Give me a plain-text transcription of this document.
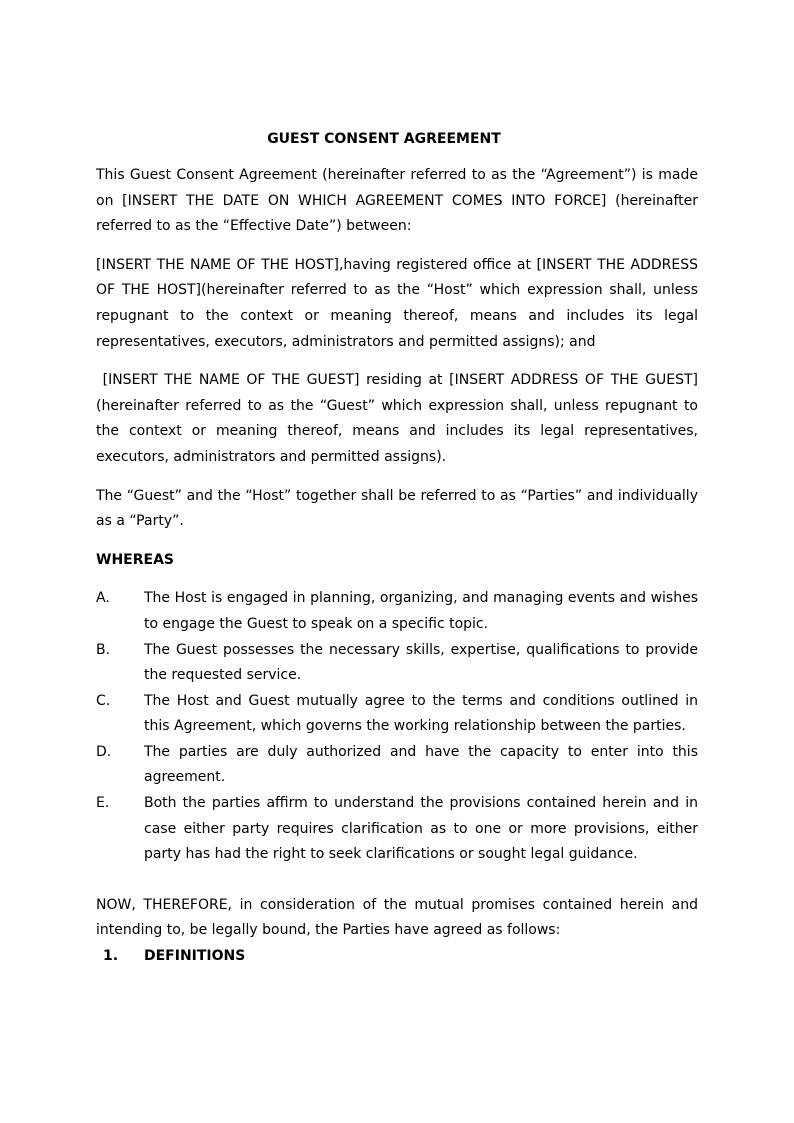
GUEST CONSENT AGREEMENT
This Guest Consent Agreement (hereinafter referred to as the “Agreement”) is made on [INSERT THE DATE ON WHICH AGREEMENT COMES INTO FORCE] (hereinafter referred to as the “Effective Date”) between:
[INSERT THE NAME OF THE HOST],having registered office at [INSERT THE ADDRESS OF THE HOST](hereinafter referred to as the “Host” which expression shall, unless repugnant to the context or meaning thereof, means and includes its legal representatives, executors, administrators and permitted assigns); and
[INSERT THE NAME OF THE GUEST] residing at [INSERT ADDRESS OF THE GUEST] (hereinafter referred to as the “Guest” which expression shall, unless repugnant to the context or meaning thereof, means and includes its legal representatives, executors, administrators and permitted assigns).
The “Guest” and the “Host” together shall be referred to as “Parties” and individually as a “Party”.
WHEREAS
A.	The Host is engaged in planning, organizing, and managing events and wishes to engage the Guest to speak on a specific topic.
B.	The Guest possesses the necessary skills, expertise, qualifications to provide the requested service.
C.	The Host and Guest mutually agree to the terms and conditions outlined in this Agreement, which governs the working relationship between the parties.
D.	The parties are duly authorized and have the capacity to enter into this agreement.
E.	Both the parties affirm to understand the provisions contained herein and in case either party requires clarification as to one or more provisions, either party has had the right to seek clarifications or sought legal guidance.
NOW, THEREFORE, in consideration of the mutual promises contained herein and intending to, be legally bound, the Parties have agreed as follows:
1.	DEFINITIONS
